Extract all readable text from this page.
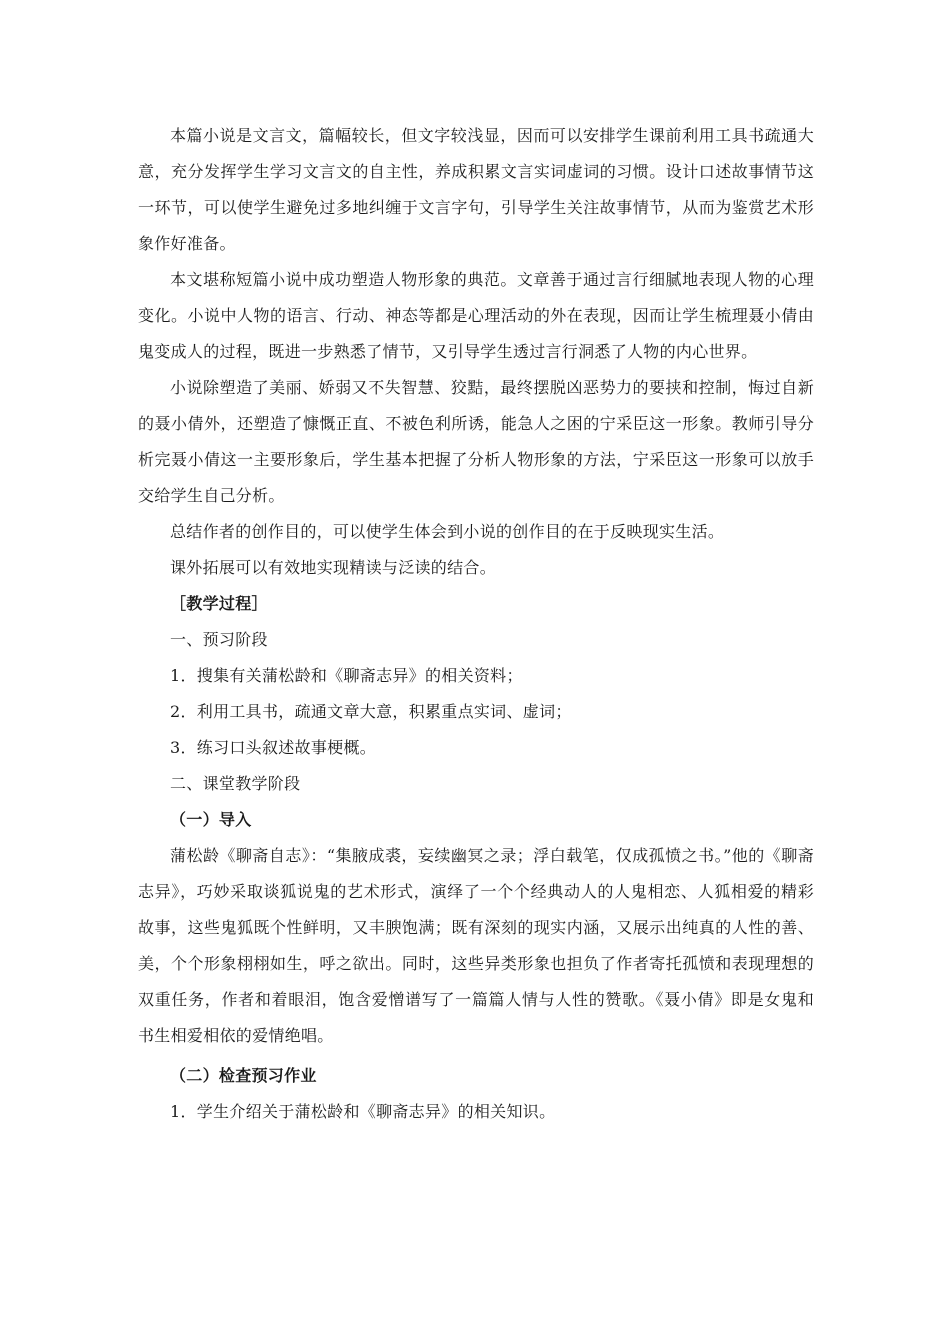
本篇小说是文言文，篇幅较长，但文字较浅显，因而可以安排学生课前利用工具书疏通大意，充分发挥学生学习文言文的自主性，养成积累文言实词虚词的习惯。设计口述故事情节这一环节，可以使学生避免过多地纠缠于文言字句，引导学生关注故事情节，从而为鉴赏艺术形象作好准备。

本文堪称短篇小说中成功塑造人物形象的典范。文章善于通过言行细腻地表现人物的心理变化。小说中人物的语言、行动、神态等都是心理活动的外在表现，因而让学生梳理聂小倩由鬼变成人的过程，既进一步熟悉了情节，又引导学生透过言行洞悉了人物的内心世界。

小说除塑造了美丽、娇弱又不失智慧、狡黠，最终摆脱凶恶势力的要挟和控制，悔过自新的聂小倩外，还塑造了慷慨正直、不被色利所诱，能急人之困的宁采臣这一形象。教师引导分析完聂小倩这一主要形象后，学生基本把握了分析人物形象的方法，宁采臣这一形象可以放手交给学生自己分析。

总结作者的创作目的，可以使学生体会到小说的创作目的在于反映现实生活。

课外拓展可以有效地实现精读与泛读的结合。

［教学过程］

一、预习阶段

1．搜集有关蒲松龄和《聊斋志异》的相关资料；

2．利用工具书，疏通文章大意，积累重点实词、虚词；

3．练习口头叙述故事梗概。

二、课堂教学阶段

（一）导入

蒲松龄《聊斋自志》：“集腋成裘，妄续幽冥之录；浮白载笔，仅成孤愤之书。”他的《聊斋志异》，巧妙采取谈狐说鬼的艺术形式，演绎了一个个经典动人的人鬼相恋、人狐相爱的精彩故事，这些鬼狐既个性鲜明，又丰腴饱满；既有深刻的现实内涵，又展示出纯真的人性的善、美，个个形象栩栩如生，呼之欲出。同时，这些异类形象也担负了作者寄托孤愤和表现理想的双重任务，作者和着眼泪，饱含爱憎谱写了一篇篇人情与人性的赞歌。《聂小倩》即是女鬼和书生相爱相依的爱情绝唱。

（二）检查预习作业

1．学生介绍关于蒲松龄和《聊斋志异》的相关知识。
